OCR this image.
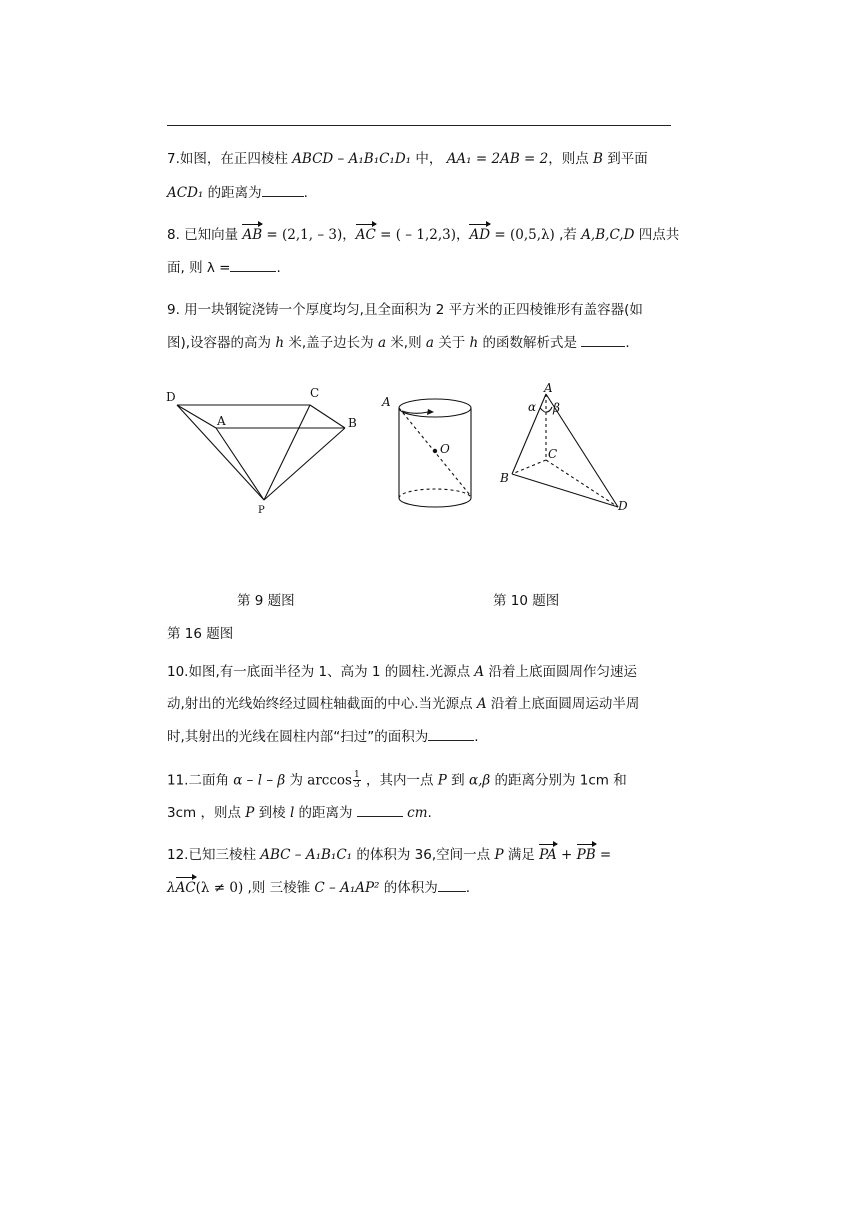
7.如图，在正四棱柱 ABCD – A₁B₁C₁D₁ 中， AA₁ = 2AB = 2，则点 B 到平面
ACD₁ 的距离为	.
8. 已知向量 AB = (2,1, – 3)，AC = ( – 1,2,3)，AD = (0,5,λ) ,若 A,B,C,D 四点共
面, 则 λ =	.
9. 用一块钢锭浇铸一个厚度均匀,且全面积为 2 平方米的正四棱锥形有盖容器(如
图),设容器的高为 h 米,盖子边长为 a 米,则 a 关于 h 的函数解析式是	.
D	C
A	B
P
A
O
A
α β
C
B
D
第 9 题图	第 10 题图
第 16 题图
10.如图,有一底面半径为 1、高为 1 的圆柱.光源点 A 沿着上底面圆周作匀速运
动,射出的光线始终经过圆柱轴截面的中心.当光源点 A 沿着上底面圆周运动半周
时,其射出的光线在圆柱内部“扫过”的面积为	.
11.二面角 α – l – β 为 $\arccos \frac{1}{3}$ ，其内一点 P 到 α,β 的距离分别为 1cm 和
3cm ，则点 P 到棱 l 的距离为	cm.
12.已知三棱柱 ABC – A₁B₁C₁ 的体积为 36,空间一点 P 满足 PA + PB =
λAC(λ ≠ 0) ,则 三棱锥 C – A₁AP² 的体积为 .
